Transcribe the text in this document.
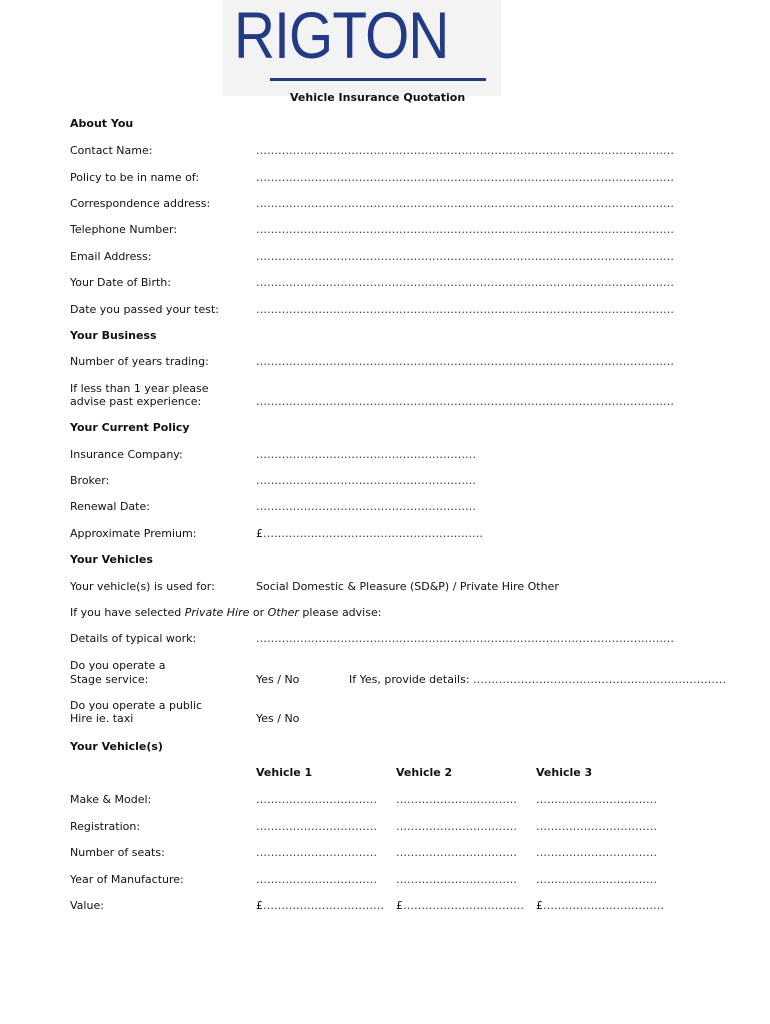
RIGTON
Vehicle Insurance Quotation
About You
Contact Name:	……………………………………………………………………………………………………
Policy to be in name of:	……………………………………………………………………………………………………
Correspondence address:	……………………………………………………………………………………………………
Telephone Number:	……………………………………………………………………………………………………
Email Address:	……………………………………………………………………………………………………
Your Date of Birth:	……………………………………………………………………………………………………
Date you passed your test:	……………………………………………………………………………………………………
Your Business
Number of years trading:	……………………………………………………………………………………………………
If less than 1 year please
advise past experience:	……………………………………………………………………………………………………
Your Current Policy
Insurance Company:	……………………………………………………
Broker:	……………………………………………………
Renewal Date:	……………………………………………………
Approximate Premium:	£……………………………………………………
Your Vehicles
Your vehicle(s) is used for:	Social Domestic & Pleasure (SD&P) / Private Hire Other
If you have selected Private Hire or Other please advise:
Details of typical work:	……………………………………………………………………………………………………
Do you operate a
Stage service:	Yes / No	If Yes, provide details: ……………………………………………………………
Do you operate a public
Hire ie. taxi	Yes / No
Your Vehicle(s)
Vehicle 1	Vehicle 2	Vehicle 3
Make & Model:	…………………………… …………………………… ……………………………
Registration:	…………………………… …………………………… ……………………………
Number of seats:	…………………………… …………………………… ……………………………
Year of Manufacture:	…………………………… …………………………… ……………………………
Value:	£…………………………… £…………………………… £……………………………
